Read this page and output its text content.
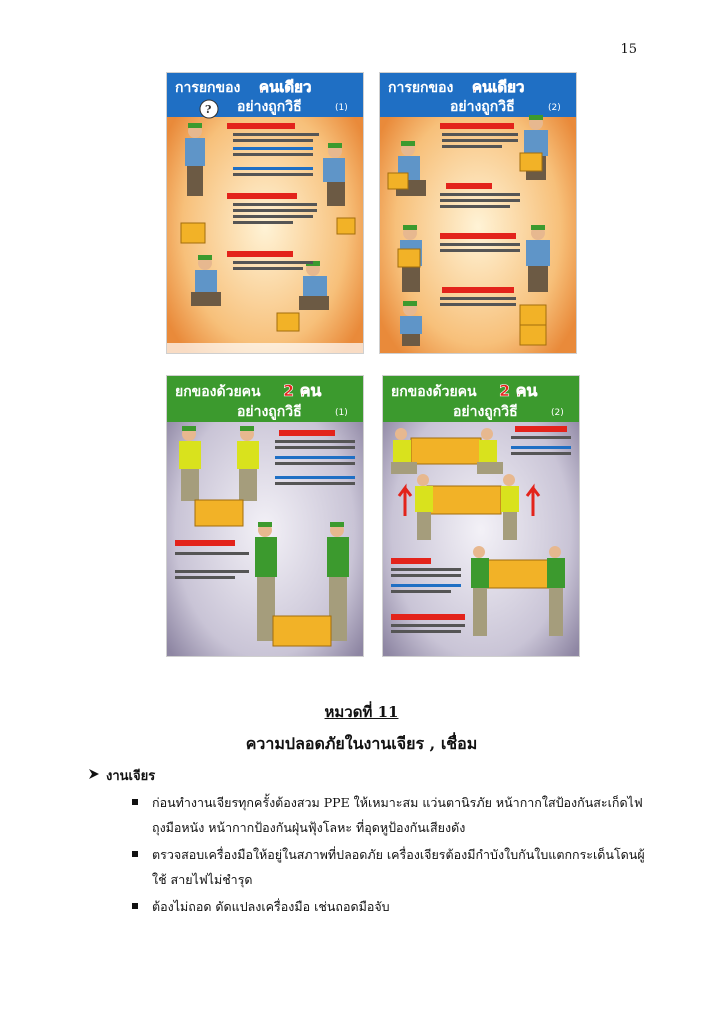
15
การยกของ คนเดียว
อย่างถูกวิธี	(1)
?
การยกของ คนเดียว
อย่างถูกวิธี	(2)
ยกของด้วยคน 2 คน
อย่างถูกวิธี	(1)
ยกของด้วยคน 2 คน
อย่างถูกวิธี	(2)
หมวดที่ 11
ความปลอดภัยในงานเจียร , เชื่อม
งานเจียร
ก่อนทำงานเจียรทุกครั้งต้องสวม PPE ให้เหมาะสม แว่นตานิรภัย หน้ากากใสป้องกันสะเก็ดไฟ ถุงมือหนัง หน้ากากป้องกันฝุ่นฟุ้งโลหะ ที่อุดหูป้องกันเสียงดัง
ตรวจสอบเครื่องมือให้อยู่ในสภาพที่ปลอดภัย เครื่องเจียรต้องมีกำบังใบกันใบแตกกระเด็นโดนผู้ใช้ สายไฟไม่ชำรุด
ต้องไม่ถอด ดัดแปลงเครื่องมือ เช่นถอดมือจับ
